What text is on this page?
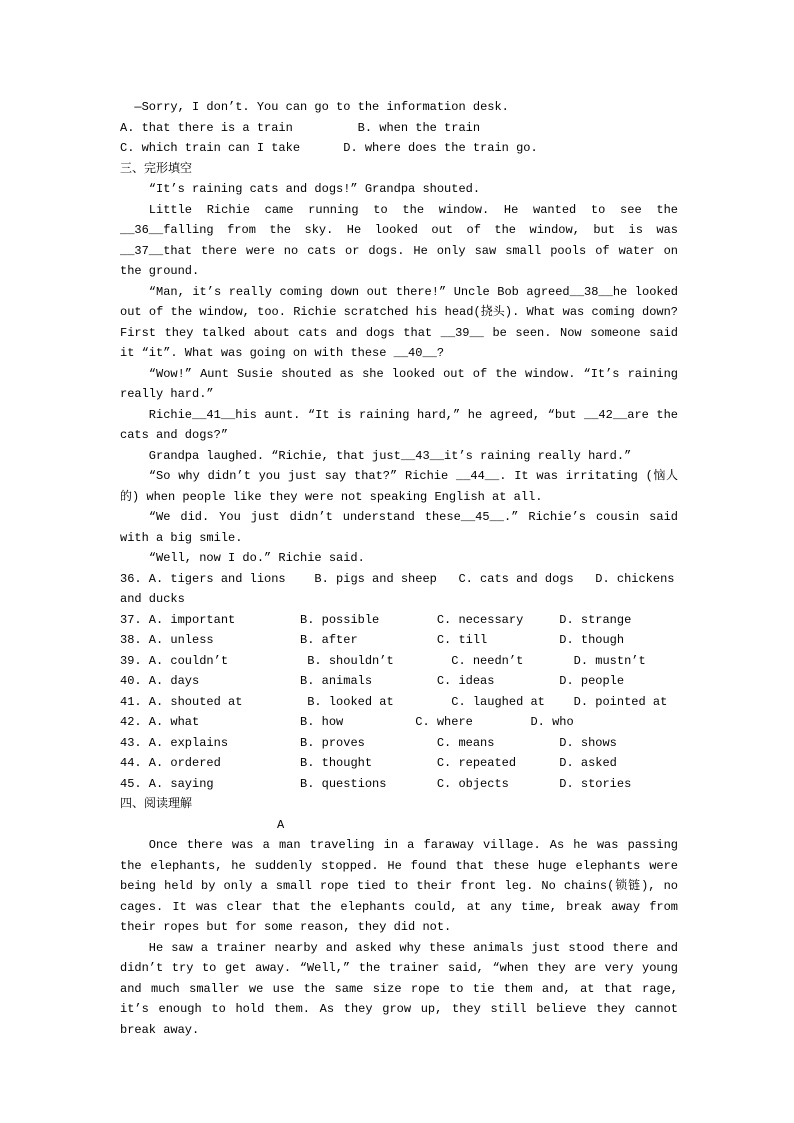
—Sorry, I don’t. You can go to the information desk.
A. that there is a train         B. when the train
C. which train can I take      D. where does the train go.
三、完形填空

“It’s raining cats and dogs!” Grandpa shouted.

Little Richie came running to the window. He wanted to see the __36__falling from the sky. He looked out of the window, but is was __37__that there were no cats or dogs. He only saw small pools of water on the ground.

“Man, it’s really coming down out there!” Uncle Bob agreed__38__he looked out of the window, too. Richie scratched his head(挠头). What was coming down? First they talked about cats and dogs that __39__ be seen. Now someone said it “it”. What was going on with these __40__?

“Wow!” Aunt Susie shouted as she looked out of the window. “It’s raining really hard.”

Richie__41__his aunt. “It is raining hard,” he agreed, “but __42__are the cats and dogs?”

Grandpa laughed. “Richie, that just__43__it’s raining really hard.”

“So why didn’t you just say that?” Richie __44__. It was irritating (恼人的) when people like they were not speaking English at all.

“We did. You just didn’t understand these__45__.” Richie’s cousin said with a big smile.

“Well, now I do.” Richie said.

36. A. tigers and lions    B. pigs and sheep   C. cats and dogs   D. chickens and ducks
37. A. important         B. possible        C. necessary     D. strange
38. A. unless            B. after           C. till          D. though
39. A. couldn’t           B. shouldn’t        C. needn’t       D. mustn’t
40. A. days              B. animals         C. ideas         D. people
41. A. shouted at         B. looked at        C. laughed at    D. pointed at
42. A. what              B. how          C. where        D. who
43. A. explains          B. proves          C. means         D. shows
44. A. ordered           B. thought         C. repeated      D. asked
45. A. saying            B. questions       C. objects       D. stories
四、阅读理解
A

Once there was a man traveling in a faraway village. As he was passing the elephants, he suddenly stopped. He found that these huge elephants were being held by only a small rope tied to their front leg. No chains(锁链), no cages. It was clear that the elephants could, at any time, break away from their ropes but for some reason, they did not.

He saw a trainer nearby and asked why these animals just stood there and didn’t try to get away. “Well,” the trainer said, “when they are very young and much smaller we use the same size rope to tie them and, at that rage, it’s enough to hold them. As they grow up, they still believe they cannot break away.
